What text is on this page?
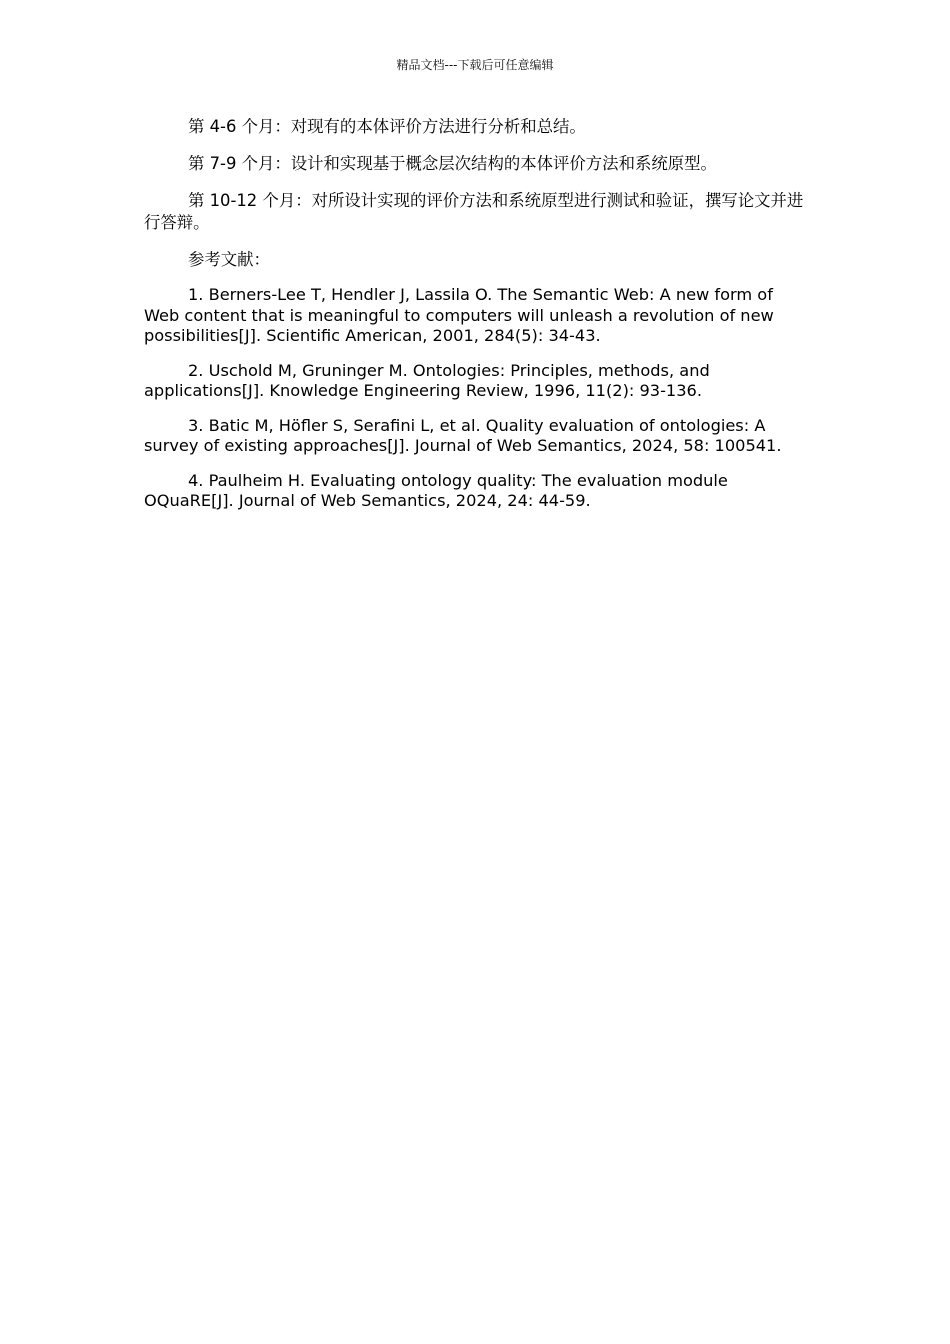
精品文档---下载后可任意编辑

第 4-6 个月：对现有的本体评价方法进行分析和总结。

第 7-9 个月：设计和实现基于概念层次结构的本体评价方法和系统原型。

第 10-12 个月：对所设计实现的评价方法和系统原型进行测试和验证，撰写论文并进行答辩。

参考文献：

1. Berners-Lee T, Hendler J, Lassila O. The Semantic Web: A new form of Web content that is meaningful to computers will unleash a revolution of new possibilities[J]. Scientific American, 2001, 284(5): 34-43.

2. Uschold M, Gruninger M. Ontologies: Principles, methods, and applications[J]. Knowledge Engineering Review, 1996, 11(2): 93-136.

3. Batic M, Höfler S, Serafini L, et al. Quality evaluation of ontologies: A survey of existing approaches[J]. Journal of Web Semantics, 2024, 58: 100541.

4. Paulheim H. Evaluating ontology quality: The evaluation module OQuaRE[J]. Journal of Web Semantics, 2024, 24: 44-59.
